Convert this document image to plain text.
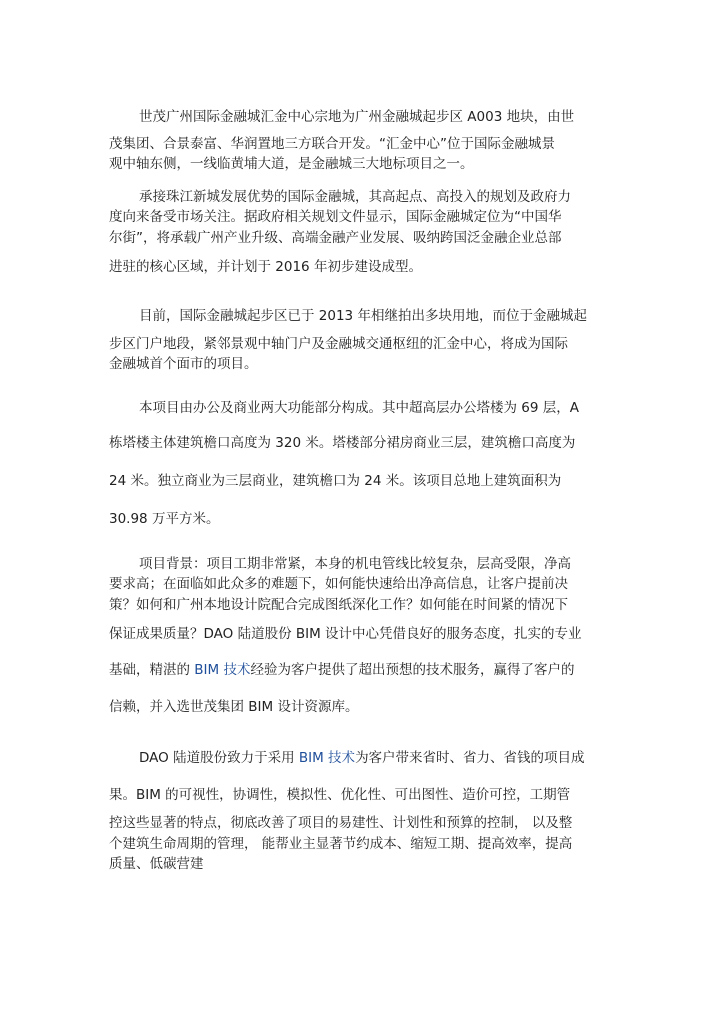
世茂广州国际金融城汇金中心宗地为广州金融城起步区 A003 地块，由世

茂集团、合景泰富、华润置地三方联合开发。“汇金中心”位于国际金融城景

观中轴东侧，一线临黄埔大道，是金融城三大地标项目之一。

承接珠江新城发展优势的国际金融城，其高起点、高投入的规划及政府力

度向来备受市场关注。据政府相关规划文件显示，国际金融城定位为“中国华

尔街”，将承载广州产业升级、高端金融产业发展、吸纳跨国泛金融企业总部

进驻的核心区域，并计划于 2016 年初步建设成型。

目前，国际金融城起步区已于 2013 年相继拍出多块用地，而位于金融城起

步区门户地段，紧邻景观中轴门户及金融城交通枢纽的汇金中心，将成为国际

金融城首个面市的项目。

本项目由办公及商业两大功能部分构成。其中超高层办公塔楼为 69 层，A

栋塔楼主体建筑檐口高度为 320 米。塔楼部分裙房商业三层，建筑檐口高度为

24 米。独立商业为三层商业，建筑檐口为 24 米。该项目总地上建筑面积为

30.98 万平方米。

项目背景：项目工期非常紧，本身的机电管线比较复杂，层高受限，净高

要求高；在面临如此众多的难题下，如何能快速给出净高信息，让客户提前决

策？如何和广州本地设计院配合完成图纸深化工作？如何能在时间紧的情况下

保证成果质量？DAO 陆道股份 BIM 设计中心凭借良好的服务态度，扎实的专业

基础，精湛的 BIM 技术经验为客户提供了超出预想的技术服务，赢得了客户的

信赖，并入选世茂集团 BIM 设计资源库。

DAO 陆道股份致力于采用 BIM 技术为客户带来省时、省力、省钱的项目成

果。BIM 的可视性，协调性，模拟性、优化性、可出图性、造价可控，工期管

控这些显著的特点，彻底改善了项目的易建性、计划性和预算的控制， 以及整

个建筑生命周期的管理， 能帮业主显著节约成本、缩短工期、提高效率，提高

质量、低碳营建
